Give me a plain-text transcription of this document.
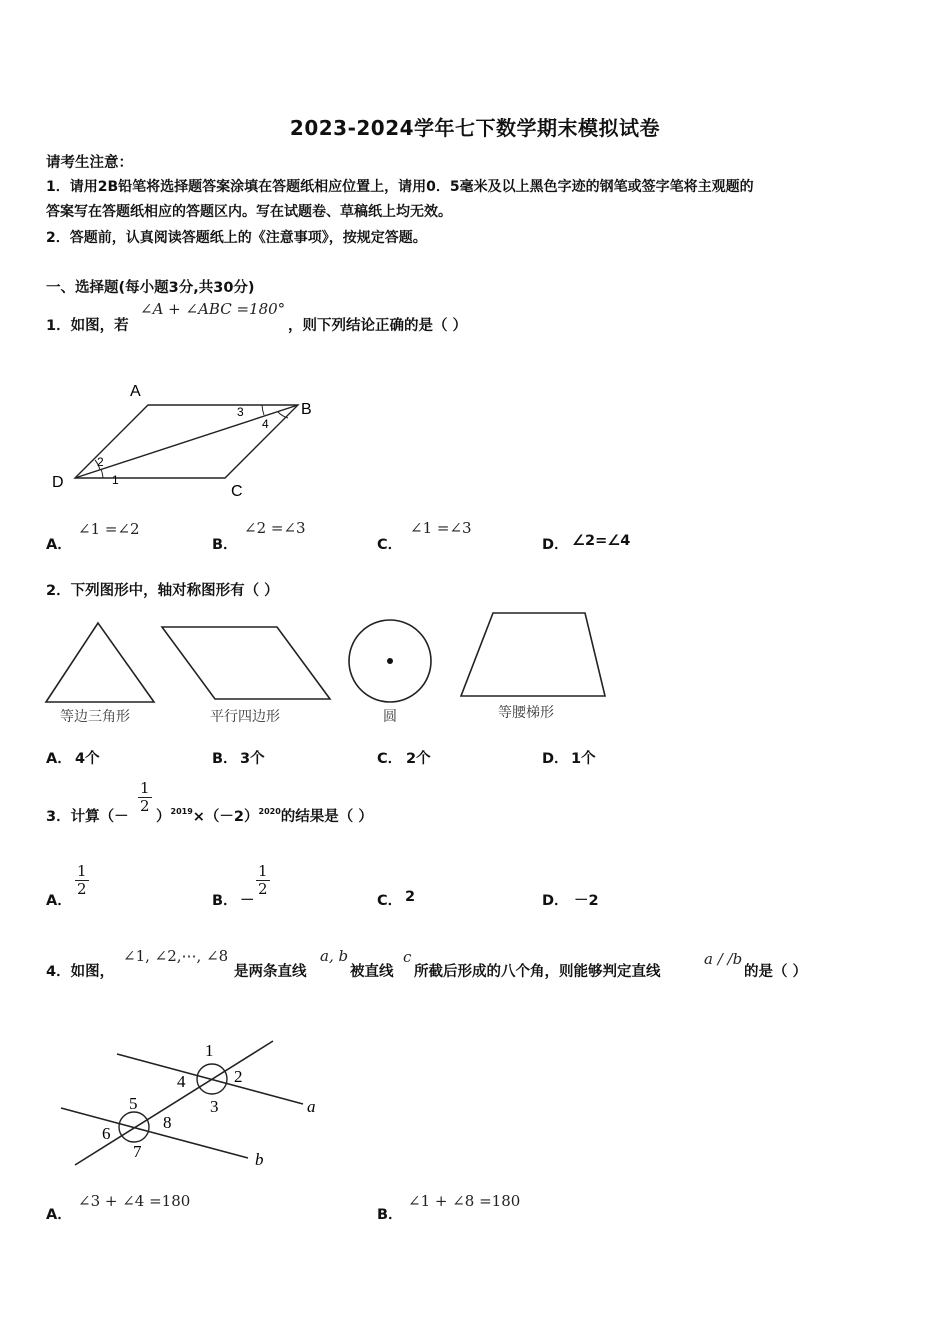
2023-2024学年七下数学期末模拟试卷
请考生注意：
1．请用2B铅笔将选择题答案涂填在答题纸相应位置上，请用0．5毫米及以上黑色字迹的钢笔或签字笔将主观题的
答案写在答题纸相应的答题区内。写在试题卷、草稿纸上均无效。
2．答题前，认真阅读答题纸上的《注意事项》，按规定答题。
一、选择题(每小题3分,共30分)
1．如图，若
∠A + ∠ABC =180°
，则下列结论正确的是（ ）
A
B
C
D	1
2
3
4
A．
∠1 =∠2
B．
∠2 =∠3
C．
∠1 =∠3
D． ∠2=∠4
2．下列图形中，轴对称图形有（ ）
等边三角形	平行四边形	圆	等腰梯形
A． 4个	B． 3个	C． 2个	D． 1个
3．计算（－
$\frac{1}{2}$
）$^{2019}\times(-2)^{2020}$的结果是（ ）
A．
$\frac{1}{2}$
B． －
$\frac{1}{2}$
C． 2	D． －2
4．如图，
∠1, ∠2,⋯, ∠8
是两条直线
a, b
被直线
c
所截后形成的八个角，则能够判定直线
a / /b
的是（ ）
1
2
3
4
5
6
7
8
a
b
A．
∠3 + ∠4 =180
B．
∠1 + ∠8 =180
